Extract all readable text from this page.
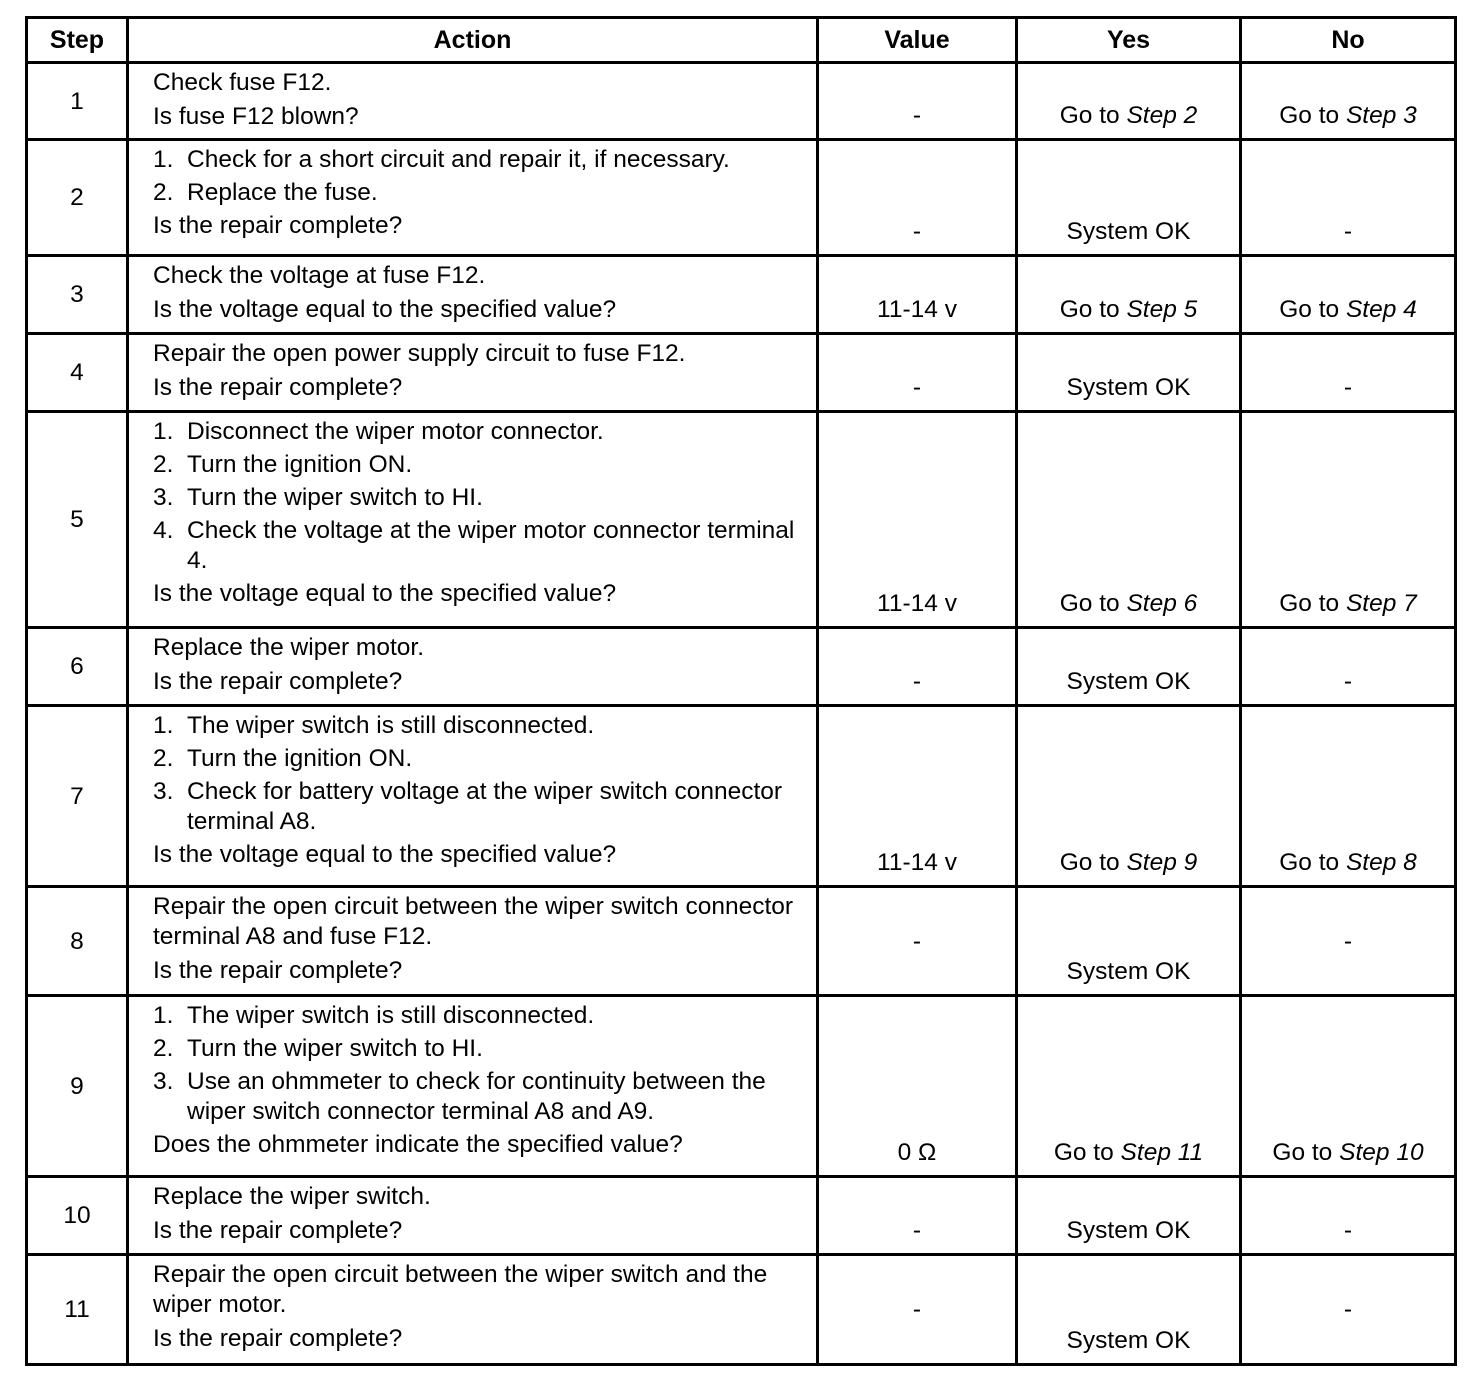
Step	Action	Value	Yes	No
1	Check fuse F12.
Is fuse F12 blown?	-	Go to Step 2	Go to Step 3
2	1. Check for a short circuit and repair it, if necessary.
2. Replace the fuse.
Is the repair complete?	-	System OK	-
3	Check the voltage at fuse F12.
Is the voltage equal to the specified value?	11-14 v	Go to Step 5	Go to Step 4
4	Repair the open power supply circuit to fuse F12.
Is the repair complete?	-	System OK	-
5	1. Disconnect the wiper motor connector.
2. Turn the ignition ON.
3. Turn the wiper switch to HI.
4. Check the voltage at the wiper motor connector terminal 4.
Is the voltage equal to the specified value?	11-14 v	Go to Step 6	Go to Step 7
6	Replace the wiper motor.
Is the repair complete?	-	System OK	-
7	1. The wiper switch is still disconnected.
2. Turn the ignition ON.
3. Check for battery voltage at the wiper switch connector terminal A8.
Is the voltage equal to the specified value?	11-14 v	Go to Step 9	Go to Step 8
8	Repair the open circuit between the wiper switch connector terminal A8 and fuse F12.
Is the repair complete?	-	System OK	-
9	1. The wiper switch is still disconnected.
2. Turn the wiper switch to HI.
3. Use an ohmmeter to check for continuity between the wiper switch connector terminal A8 and A9.
Does the ohmmeter indicate the specified value?	0 Ω	Go to Step 11	Go to Step 10
10	Replace the wiper switch.
Is the repair complete?	-	System OK	-
11	Repair the open circuit between the wiper switch and the wiper motor.
Is the repair complete?	-	System OK	-
